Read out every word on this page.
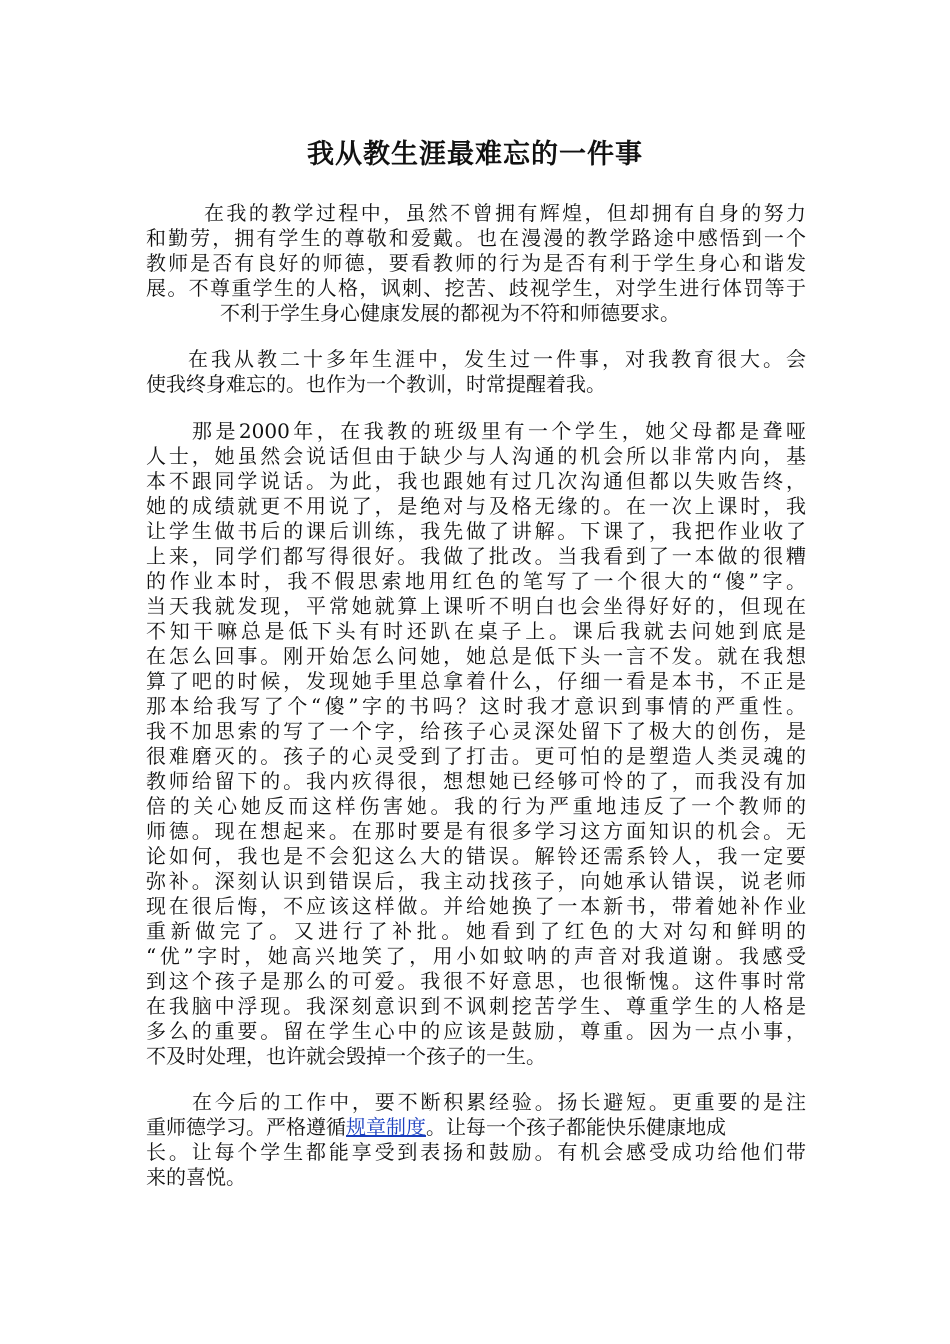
我从教生涯最难忘的一件事
在我的教学过程中，虽然不曾拥有辉煌，但却拥有自身的努力
和勤劳，拥有学生的尊敬和爱戴。也在漫漫的教学路途中感悟到一个
教师是否有良好的师德，要看教师的行为是否有利于学生身心和谐发
展。不尊重学生的人格，讽刺、挖苦、歧视学生，对学生进行体罚等于
不利于学生身心健康发展的都视为不符和师德要求。
在我从教二十多年生涯中，发生过一件事，对我教育很大。会
使我终身难忘的。也作为一个教训，时常提醒着我。
那是2000年，在我教的班级里有一个学生，她父母都是聋哑
人士，她虽然会说话但由于缺少与人沟通的机会所以非常内向，基
本不跟同学说话。为此，我也跟她有过几次沟通但都以失败告终，
她的成绩就更不用说了，是绝对与及格无缘的。在一次上课时，我
让学生做书后的课后训练，我先做了讲解。下课了，我把作业收了
上来，同学们都写得很好。我做了批改。当我看到了一本做的很糟
的作业本时，我不假思索地用红色的笔写了一个很大的“傻”字。
当天我就发现，平常她就算上课听不明白也会坐得好好的，但现在
不知干嘛总是低下头有时还趴在桌子上。课后我就去问她到底是
在怎么回事。刚开始怎么问她，她总是低下头一言不发。就在我想
算了吧的时候，发现她手里总拿着什么，仔细一看是本书，不正是
那本给我写了个“傻”字的书吗？这时我才意识到事情的严重性。
我不加思索的写了一个字，给孩子心灵深处留下了极大的创伤，是
很难磨灭的。孩子的心灵受到了打击。更可怕的是塑造人类灵魂的
教师给留下的。我内疚得很，想想她已经够可怜的了，而我没有加
倍的关心她反而这样伤害她。我的行为严重地违反了一个教师的
师德。现在想起来。在那时要是有很多学习这方面知识的机会。无
论如何，我也是不会犯这么大的错误。解铃还需系铃人，我一定要
弥补。深刻认识到错误后，我主动找孩子，向她承认错误，说老师
现在很后悔，不应该这样做。并给她换了一本新书，带着她补作业
重新做完了。又进行了补批。她看到了红色的大对勾和鲜明的
“优”字时，她高兴地笑了，用小如蚊呐的声音对我道谢。我感受
到这个孩子是那么的可爱。我很不好意思，也很惭愧。这件事时常
在我脑中浮现。我深刻意识到不讽刺挖苦学生、尊重学生的人格是
多么的重要。留在学生心中的应该是鼓励，尊重。因为一点小事，
不及时处理，也许就会毁掉一个孩子的一生。
在今后的工作中，要不断积累经验。扬长避短。更重要的是注
重师德学习。严格遵循规章制度。让每一个孩子都能快乐健康地成
长。让每个学生都能享受到表扬和鼓励。有机会感受成功给他们带
来的喜悦。
